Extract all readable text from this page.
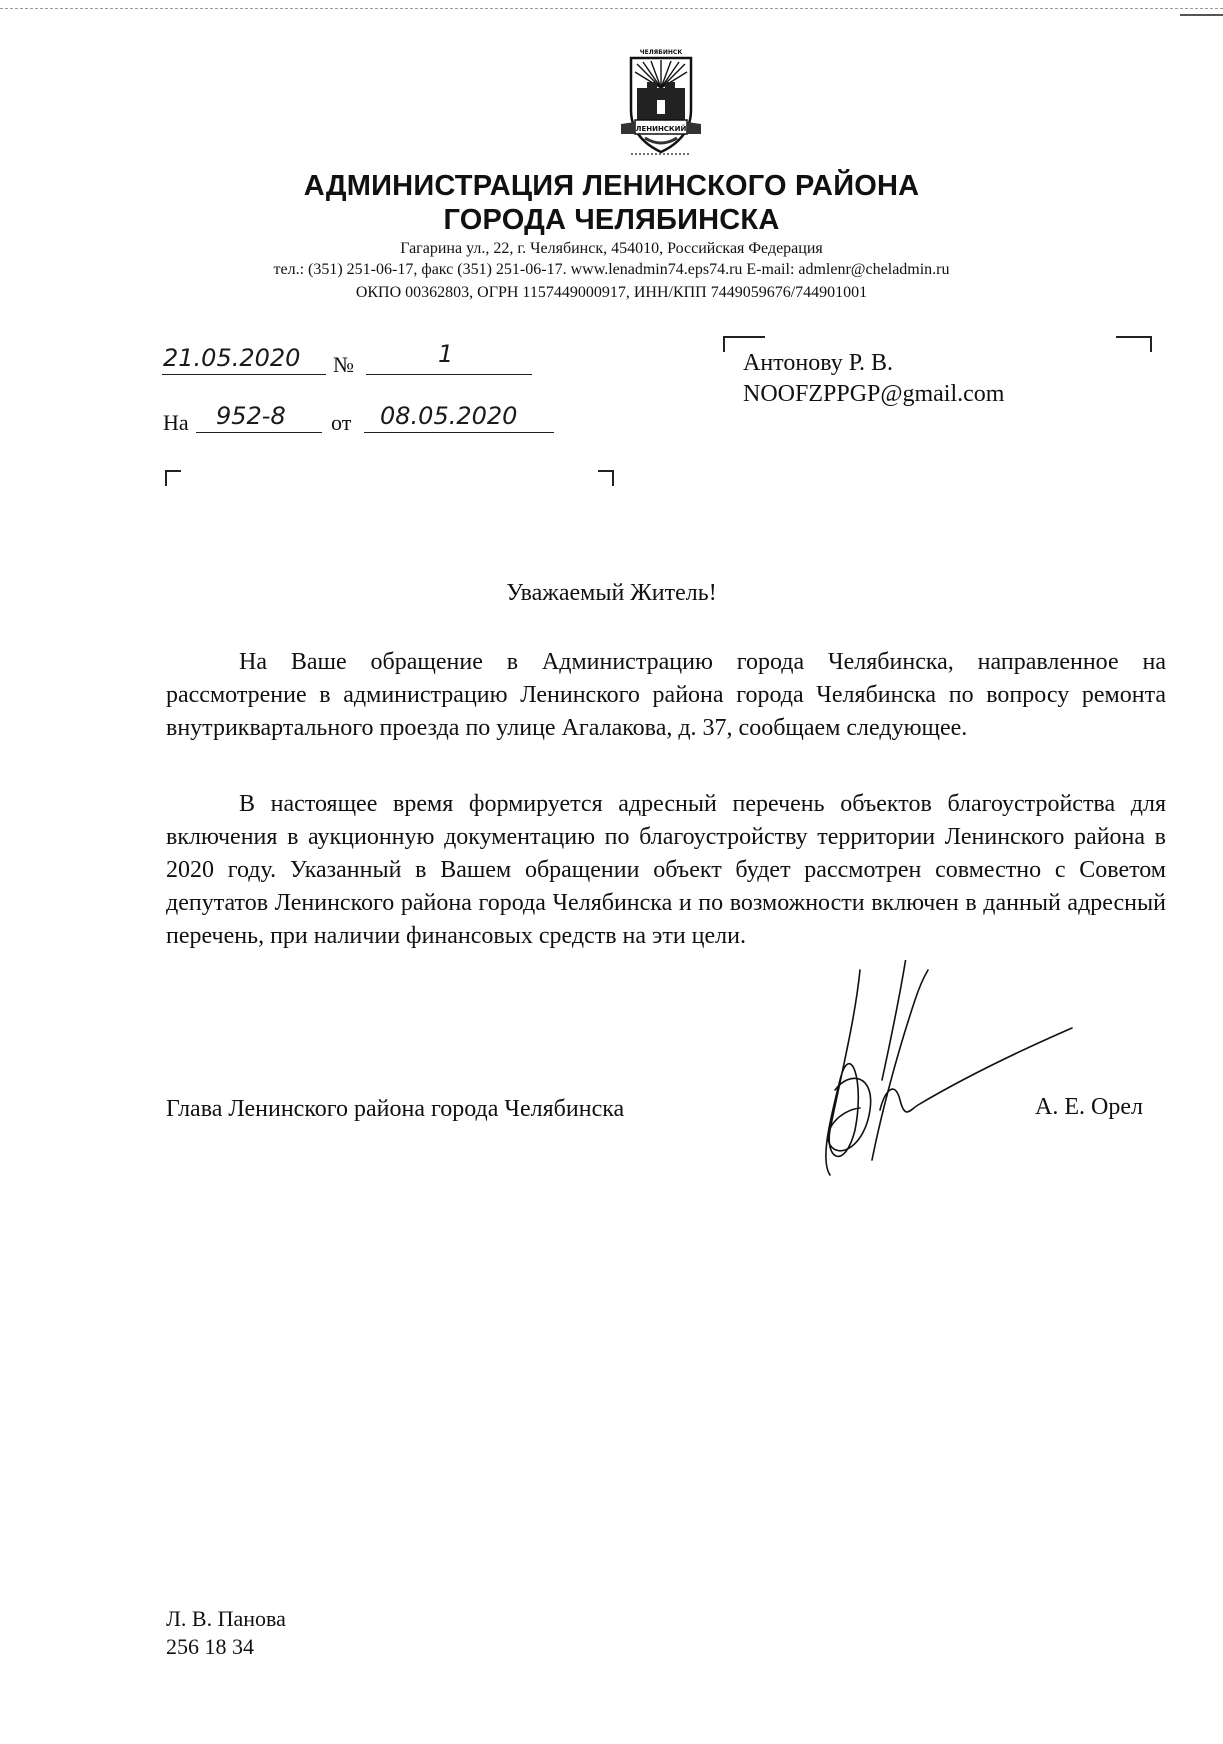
ЧЕЛЯБИНСК
ЛЕНИНСКИЙ
АДМИНИСТРАЦИЯ ЛЕНИНСКОГО РАЙОНА
ГОРОДА ЧЕЛЯБИНСКА
Гагарина ул., 22, г. Челябинск, 454010, Российская Федерация
тел.: (351) 251-06-17, факс (351) 251-06-17. www.lenadmin74.eps74.ru E-mail: admlenr@cheladmin.ru
ОКПО 00362803, ОГРН 1157449000917, ИНН/КПП 7449059676/744901001
21.05.2020 №	1
На 952-8 от 08.05.2020
Антонову Р. В.
NOOFZPPGP@gmail.com
Уважаемый Житель!

На Ваше обращение в Администрацию города Челябинска, направленное на рассмотрение в администрацию Ленинского района города Челябинска по вопросу ремонта внутриквартального проезда по улице Агалакова, д. 37, сообщаем следующее.

В настоящее время формируется адресный перечень объектов благоустройства для включения в аукционную документацию по благоустройству территории Ленинского района в 2020 году. Указанный в Вашем обращении объект будет рассмотрен совместно с Советом депутатов Ленинского района города Челябинска и по возможности включен в данный адресный перечень, при наличии финансовых средств на эти цели.

Глава Ленинского района города Челябинска	А. Е. Орел
Л. В. Панова
256 18 34
